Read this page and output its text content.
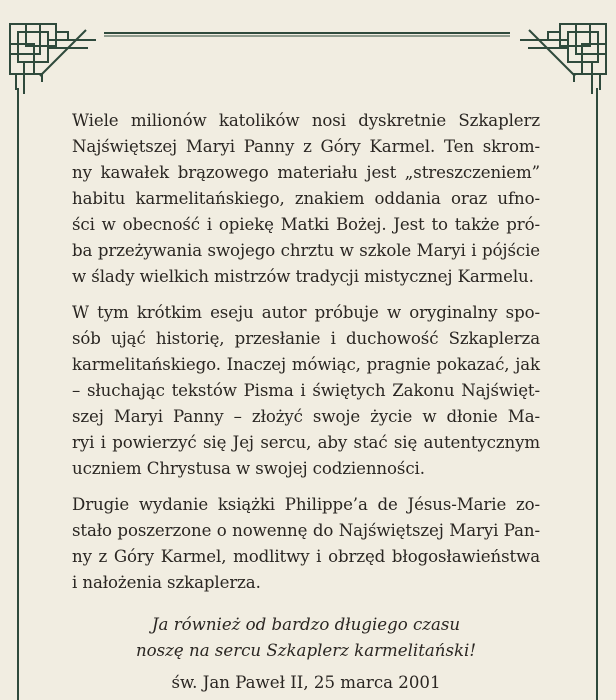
Wiele milionów katolików nosi dyskretnie Szkaplerz
Najświętszej Maryi Panny z Góry Karmel. Ten skrom-
ny kawałek brązowego materiału jest „streszczeniem”
habitu karmelitańskiego, znakiem oddania oraz ufno-
ści w obecność i opiekę Matki Bożej. Jest to także pró-
ba przeżywania swojego chrztu w szkole Maryi i pójście
w ślady wielkich mistrzów tradycji mistycznej Karmelu.

W tym krótkim eseju autor próbuje w oryginalny spo-
sób ująć historię, przesłanie i duchowość Szkaplerza
karmelitańskiego. Inaczej mówiąc, pragnie pokazać, jak
– słuchając tekstów Pisma i świętych Zakonu Najświęt-
szej Maryi Panny – złożyć swoje życie w dłonie Ma-
ryi i powierzyć się Jej sercu, aby stać się autentycznym
uczniem Chrystusa w swojej codzienności.

Drugie wydanie książki Philippe’a de Jésus-Marie zo-
stało poszerzone o nowennę do Najświętszej Maryi Pan-
ny z Góry Karmel, modlitwy i obrzęd błogosławieństwa
i nałożenia szkaplerza.

Ja również od bardzo długiego czasu
noszę na sercu Szkaplerz karmelitański!
św. Jan Paweł II, 25 marca 2001
